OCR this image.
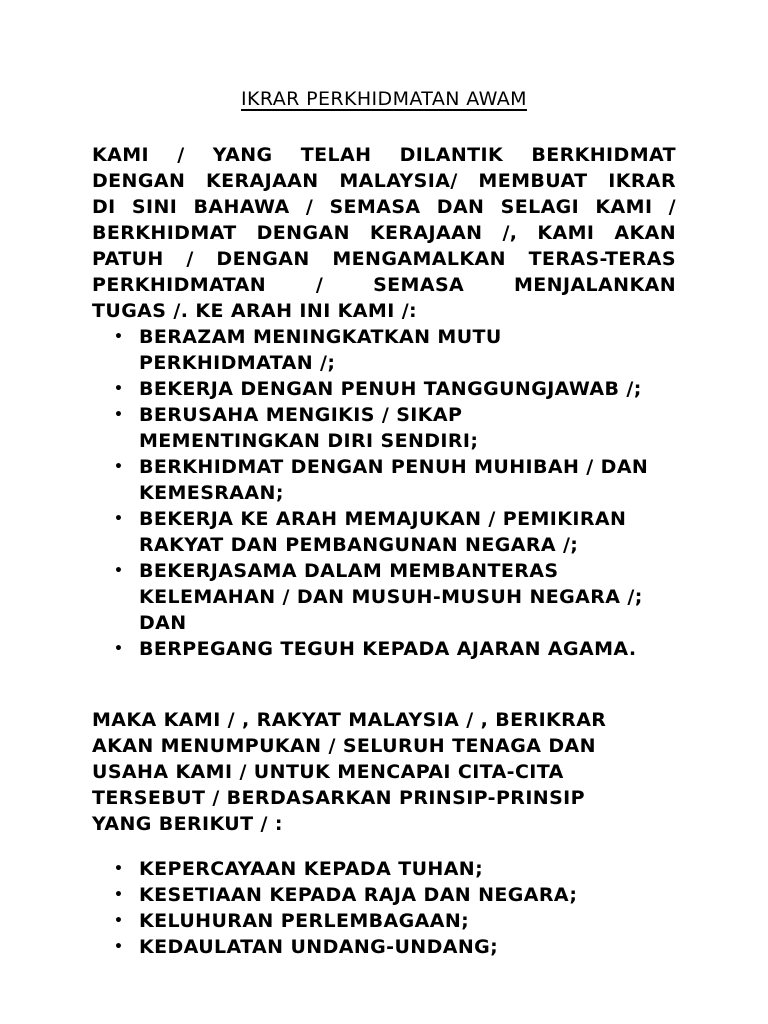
IKRAR PERKHIDMATAN AWAM

KAMI / YANG TELAH DILANTIK BERKHIDMAT
DENGAN KERAJAAN MALAYSIA/ MEMBUAT IKRAR
DI SINI BAHAWA / SEMASA DAN SELAGI KAMI /
BERKHIDMAT DENGAN KERAJAAN /, KAMI AKAN
PATUH / DENGAN MENGAMALKAN TERAS-TERAS
PERKHIDMATAN / SEMASA MENJALANKAN
TUGAS /. KE ARAH INI KAMI /:

• BERAZAM MENINGKATKAN MUTU
PERKHIDMATAN /;
• BEKERJA DENGAN PENUH TANGGUNGJAWAB /;
• BERUSAHA MENGIKIS / SIKAP
MEMENTINGKAN DIRI SENDIRI;
• BERKHIDMAT DENGAN PENUH MUHIBAH / DAN
KEMESRAAN;
• BEKERJA KE ARAH MEMAJUKAN / PEMIKIRAN
RAKYAT DAN PEMBANGUNAN NEGARA /;
• BEKERJASAMA DALAM MEMBANTERAS
KELEMAHAN / DAN MUSUH-MUSUH NEGARA /;
DAN
• BERPEGANG TEGUH KEPADA AJARAN AGAMA.

MAKA KAMI / , RAKYAT MALAYSIA / , BERIKRAR
AKAN MENUMPUKAN / SELURUH TENAGA DAN
USAHA KAMI / UNTUK MENCAPAI CITA-CITA
TERSEBUT / BERDASARKAN PRINSIP-PRINSIP
YANG BERIKUT / :

• KEPERCAYAAN KEPADA TUHAN;
• KESETIAAN KEPADA RAJA DAN NEGARA;
• KELUHURAN PERLEMBAGAAN;
• KEDAULATAN UNDANG-UNDANG;
